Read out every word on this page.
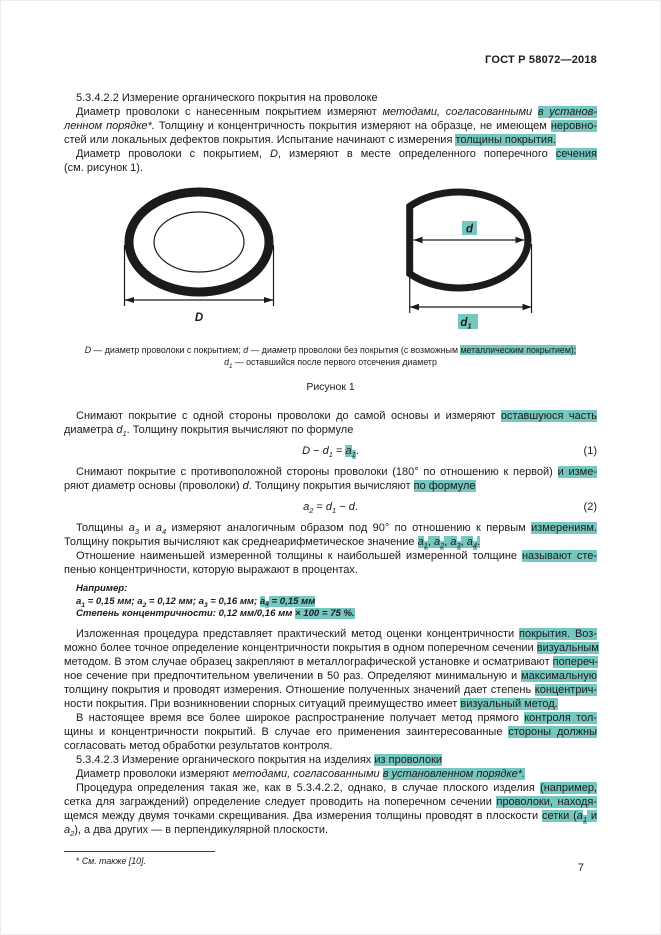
ГОСТ Р 58072—2018
5.3.4.2.2 Измерение органического покрытия на проволоке
Диаметр проволоки с нанесенным покрытием измеряют методами, согласованными в установ-
ленном порядке*. Толщину и концентричность покрытия измеряют на образце, не имеющем неровно-
стей или локальных дефектов покрытия. Испытание начинают с измерения толщины покрытия.
Диаметр проволоки с покрытием, D, измеряют в месте определенного поперечного сечения
(см. рисунок 1).
D
d
$d_1$
D — диаметр проволоки с покрытием; d — диаметр проволоки без покрытия (с возможным металлическим покрытием);
$d_1$ — оставшийся после первого отсечения диаметр
Рисунок 1
Снимают покрытие с одной стороны проволоки до самой основы и измеряют оставшуюся часть
диаметра $d_1$. Толщину покрытия вычисляют по формуле
$D - d_1 = a_1$.	(1)
Снимают покрытие с противоположной стороны проволоки (180° по отношению к первой) и изме-
ряют диаметр основы (проволоки) d. Толщину покрытия вычисляют по формуле
$a_2 = d_1 - d$.	(2)
Толщины $a_3$ и $a_4$ измеряют аналогичным образом под 90° по отношению к первым измерениям.
Толщину покрытия вычисляют как среднеарифметическое значение $a_1$, $a_2$, $a_3$, $a_4$.
Отношение наименьшей измеренной толщины к наибольшей измеренной толщине называют сте-
пенью концентричности, которую выражают в процентах.
Например:
$a_1 = 0,15$ мм; $a_2 = 0,12$ мм; $a_3 = 0,16$ мм; $a_4 = 0,15$ мм
Степень концентричности: 0,12 мм/0,16 мм × 100 = 75 %.
Изложенная процедура представляет практический метод оценки концентричности покрытия. Воз-
можно более точное определение концентричности покрытия в одном поперечном сечении визуальным
методом. В этом случае образец закрепляют в металлографической установке и осматривают попереч-
ное сечение при предпочтительном увеличении в 50 раз. Определяют минимальную и максимальную
толщину покрытия и проводят измерения. Отношение полученных значений дает степень концентрич-
ности покрытия. При возникновении спорных ситуаций преимущество имеет визуальный метод.
В настоящее время все более широкое распространение получает метод прямого контроля тол-
щины и концентричности покрытий. В случае его применения заинтересованные стороны должны
согласовать метод обработки результатов контроля.
5.3.4.2.3 Измерение органического покрытия на изделиях из проволоки
Диаметр проволоки измеряют методами, согласованными в установленном порядке*.
Процедура определения такая же, как в 5.3.4.2.2, однако, в случае плоского изделия (например,
сетка для заграждений) определение следует проводить на поперечном сечении проволоки, находя-
щемся между двумя точками скрещивания. Два измерения толщины проводят в плоскости сетки ($a_1$ и
$a_2$), а два других — в перпендикулярной плоскости.
* См. также [10].
7
